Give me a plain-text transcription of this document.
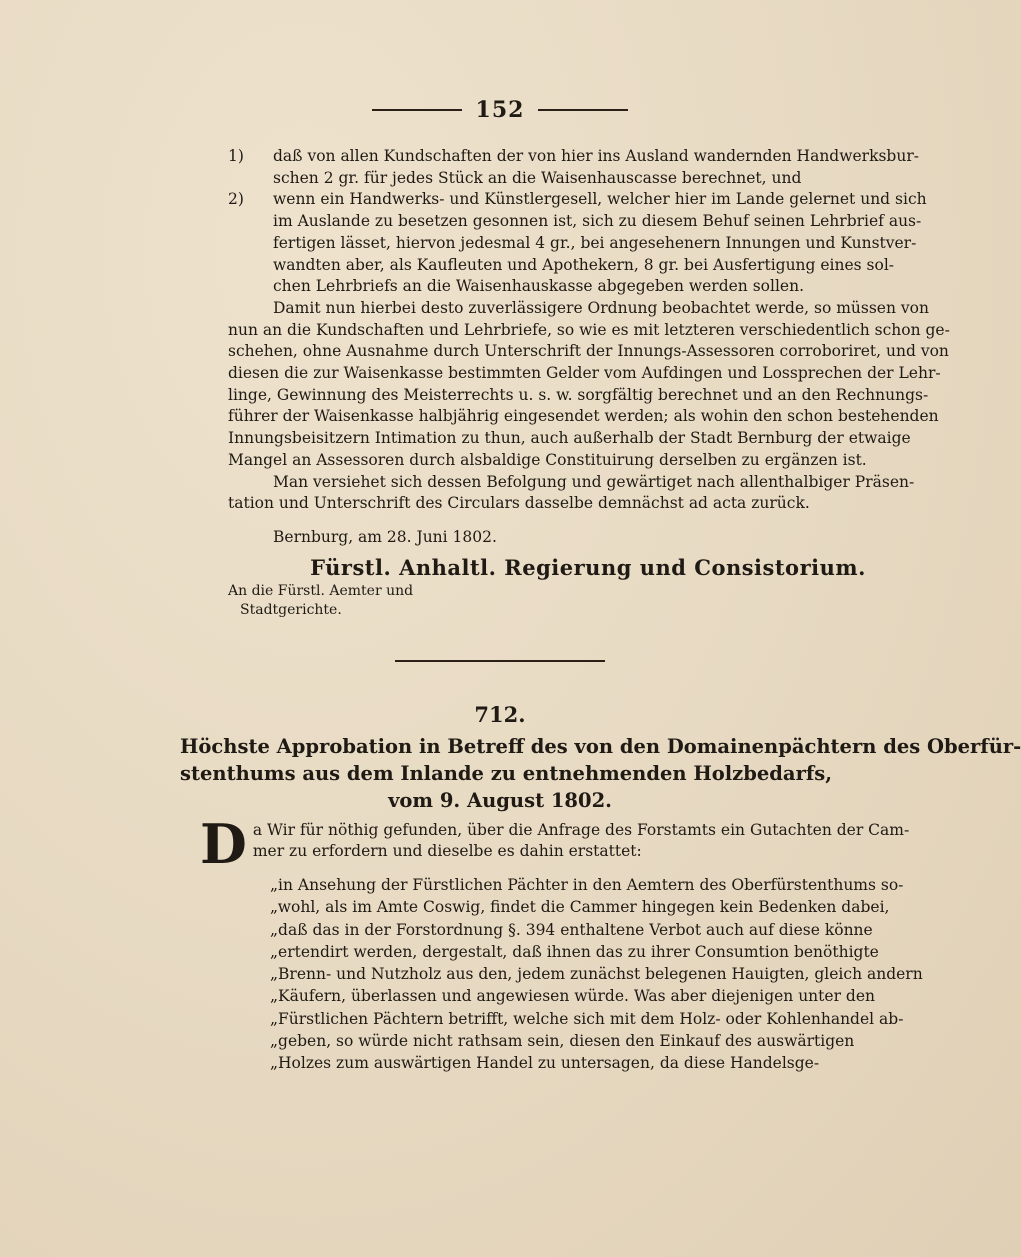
152
1) daß von allen Kundschaften der von hier ins Ausland wandernden Handwerksbur-
schen 2 gr. für jedes Stück an die Waisenhauscasse berechnet, und
2) wenn ein Handwerks- und Künstlergesell, welcher hier im Lande gelernet und sich
im Auslande zu besetzen gesonnen ist, sich zu diesem Behuf seinen Lehrbrief aus-
fertigen lässet, hiervon jedesmal 4 gr., bei angesehenern Innungen und Kunstver-
wandten aber, als Kaufleuten und Apothekern, 8 gr. bei Ausfertigung eines sol-
chen Lehrbriefs an die Waisenhauskasse abgegeben werden sollen.
Damit nun hierbei desto zuverlässigere Ordnung beobachtet werde, so müssen von
nun an die Kundschaften und Lehrbriefe, so wie es mit letzteren verschiedentlich schon ge-
schehen, ohne Ausnahme durch Unterschrift der Innungs-Assessoren corroboriret, und von
diesen die zur Waisenkasse bestimmten Gelder vom Aufdingen und Lossprechen der Lehr-
linge, Gewinnung des Meisterrechts u. s. w. sorgfältig berechnet und an den Rechnungs-
führer der Waisenkasse halbjährig eingesendet werden; als wohin den schon bestehenden
Innungsbeisitzern Intimation zu thun, auch außerhalb der Stadt Bernburg der etwaige
Mangel an Assessoren durch alsbaldige Constituirung derselben zu ergänzen ist.
Man versiehet sich dessen Befolgung und gewärtiget nach allenthalbiger Präsen-
tation und Unterschrift des Circulars dasselbe demnächst ad acta zurück.
Bernburg, am 28. Juni 1802.
Fürstl. Anhaltl. Regierung und Consistorium.
An die Fürstl. Aemter und
Stadtgerichte.
712.
Höchste Approbation in Betreff des von den Domainenpächtern des Oberfür-
stenthums aus dem Inlande zu entnehmenden Holzbedarfs,
vom 9. August 1802.
D a Wir für nöthig gefunden, über die Anfrage des Forstamts ein Gutachten der Cam-
mer zu erfordern und dieselbe es dahin erstattet:
„in Ansehung der Fürstlichen Pächter in den Aemtern des Oberfürstenthums so-
„wohl, als im Amte Coswig, findet die Cammer hingegen kein Bedenken dabei,
„daß das in der Forstordnung §. 394 enthaltene Verbot auch auf diese könne
„ertendirt werden, dergestalt, daß ihnen das zu ihrer Consumtion benöthigte
„Brenn- und Nutzholz aus den, jedem zunächst belegenen Hauigten, gleich andern
„Käufern, überlassen und angewiesen würde. Was aber diejenigen unter den
„Fürstlichen Pächtern betrifft, welche sich mit dem Holz- oder Kohlenhandel ab-
„geben, so würde nicht rathsam sein, diesen den Einkauf des auswärtigen
„Holzes zum auswärtigen Handel zu untersagen, da diese Handelsge-
